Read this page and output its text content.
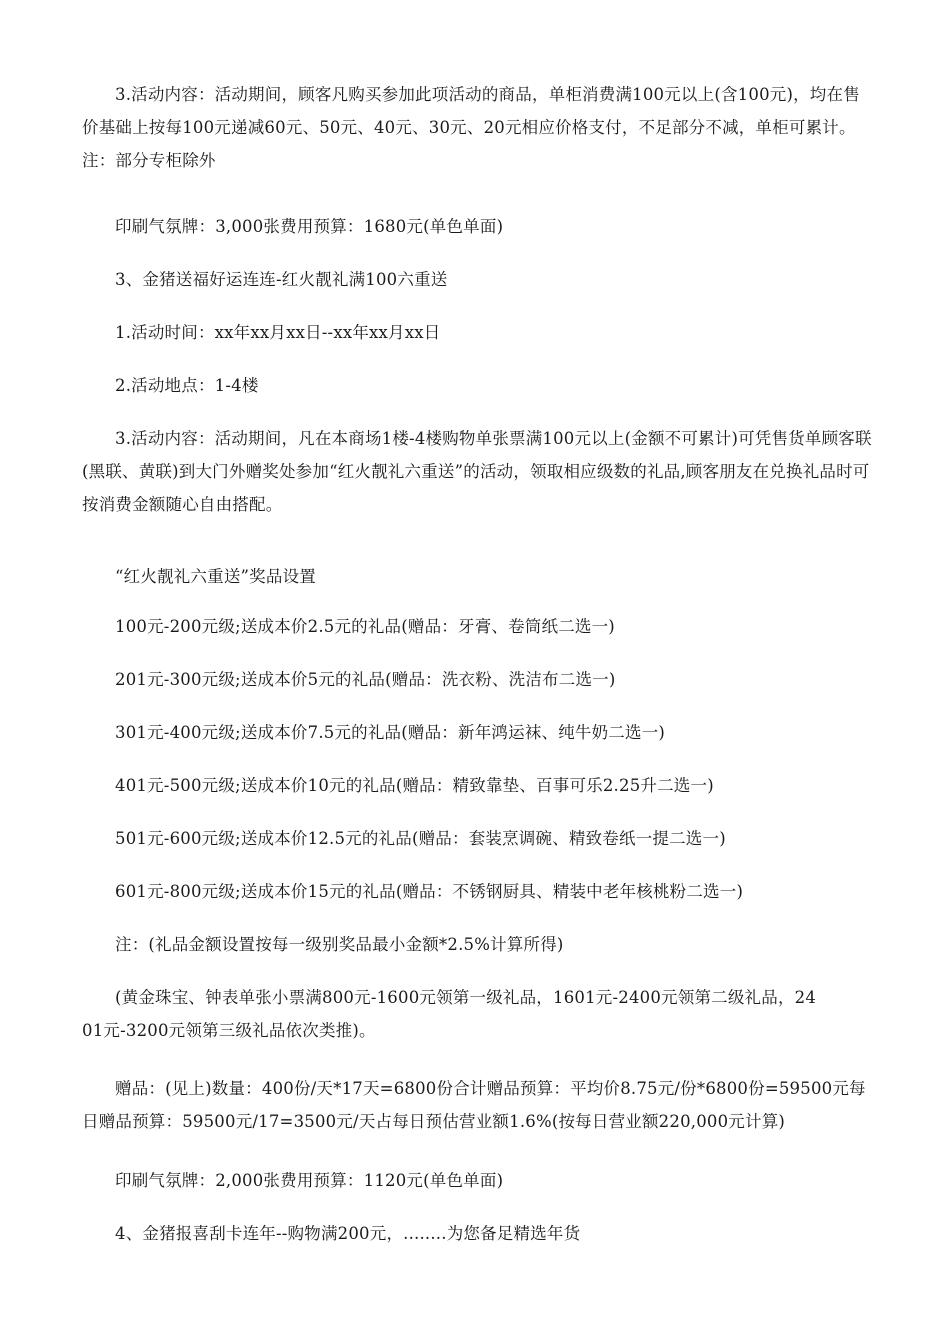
3.活动内容：活动期间，顾客凡购买参加此项活动的商品，单柜消费满100元以上(含100元)，均在售价基础上按每100元递减60元、50元、40元、30元、20元相应价格支付，不足部分不减，单柜可累计。注：部分专柜除外

印刷气氛牌：3,000张费用预算：1680元(单色单面)

3、金猪送福好运连连-红火靓礼满100六重送

1.活动时间：xx年xx月xx日--xx年xx月xx日

2.活动地点：1-4楼

3.活动内容：活动期间，凡在本商场1楼-4楼购物单张票满100元以上(金额不可累计)可凭售货单顾客联(黑联、黄联)到大门外赠奖处参加“红火靓礼六重送”的活动，领取相应级数的礼品,顾客朋友在兑换礼品时可按消费金额随心自由搭配。

“红火靓礼六重送”奖品设置

100元-200元级;送成本价2.5元的礼品(赠品：牙膏、卷筒纸二选一)

201元-300元级;送成本价5元的礼品(赠品：洗衣粉、洗洁布二选一)

301元-400元级;送成本价7.5元的礼品(赠品：新年鸿运袜、纯牛奶二选一)

401元-500元级;送成本价10元的礼品(赠品：精致靠垫、百事可乐2.25升二选一)

501元-600元级;送成本价12.5元的礼品(赠品：套装烹调碗、精致卷纸一提二选一)

601元-800元级;送成本价15元的礼品(赠品：不锈钢厨具、精装中老年核桃粉二选一)

注：(礼品金额设置按每一级别奖品最小金额*2.5%计算所得)

(黄金珠宝、钟表单张小票满800元-1600元领第一级礼品，1601元-2400元领第二级礼品，2401元-3200元领第三级礼品依次类推)。

赠品：(见上)数量：400份/天*17天=6800份合计赠品预算：平均价8.75元/份*6800份=59500元每日赠品预算：59500元/17=3500元/天占每日预估营业额1.6%(按每日营业额220,000元计算)

印刷气氛牌：2,000张费用预算：1120元(单色单面)

4、金猪报喜刮卡连年--购物满200元，........为您备足精选年货
